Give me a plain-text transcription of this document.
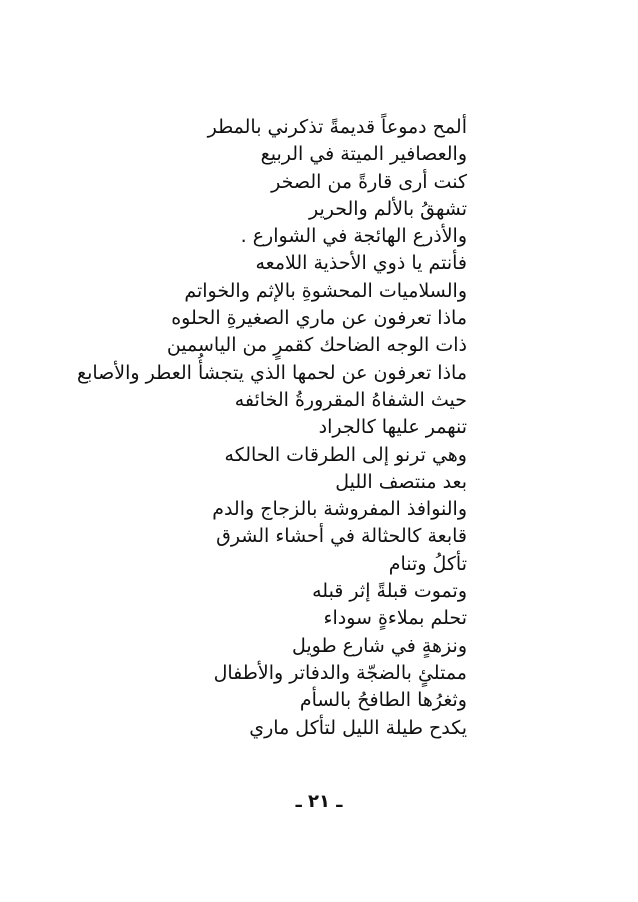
ألمح دموعاً قديمةً تذكرني بالمطر
والعصافير الميتة في الربيع
كنت أرى قارةً من الصخر
تشهقُ بالألم والحرير
والأذرع الهائجة في الشوارع .
فأنتم يا ذوي الأحذية اللامعه
والسلاميات المحشوةِ بالإثم والخواتم
ماذا تعرفون عن ماري الصغيرةِ الحلوه
ذات الوجه الضاحك كقمرٍ من الياسمين
ماذا تعرفون عن لحمها الذي يتجشأُ العطر والأصابع
حيث الشفاهُ المقرورةُ الخائفه
تنهمر عليها كالجراد
وهي ترنو إلى الطرقات الحالكه
بعد منتصف الليل
والنوافذ المفروشة بالزجاج والدم
قابعة كالحثالة في أحشاء الشرق
تأكلُ وتنام
وتموت قبلةً إثر قبله
تحلم بملاءةٍ سوداء
ونزهةٍ في شارع طويل
ممتلئٍ بالضجّة والدفاتر والأطفال
وثغرُها الطافحُ بالسأم
يكدح طيلة الليل لتأكل ماري
ـ ٢١ ـ
